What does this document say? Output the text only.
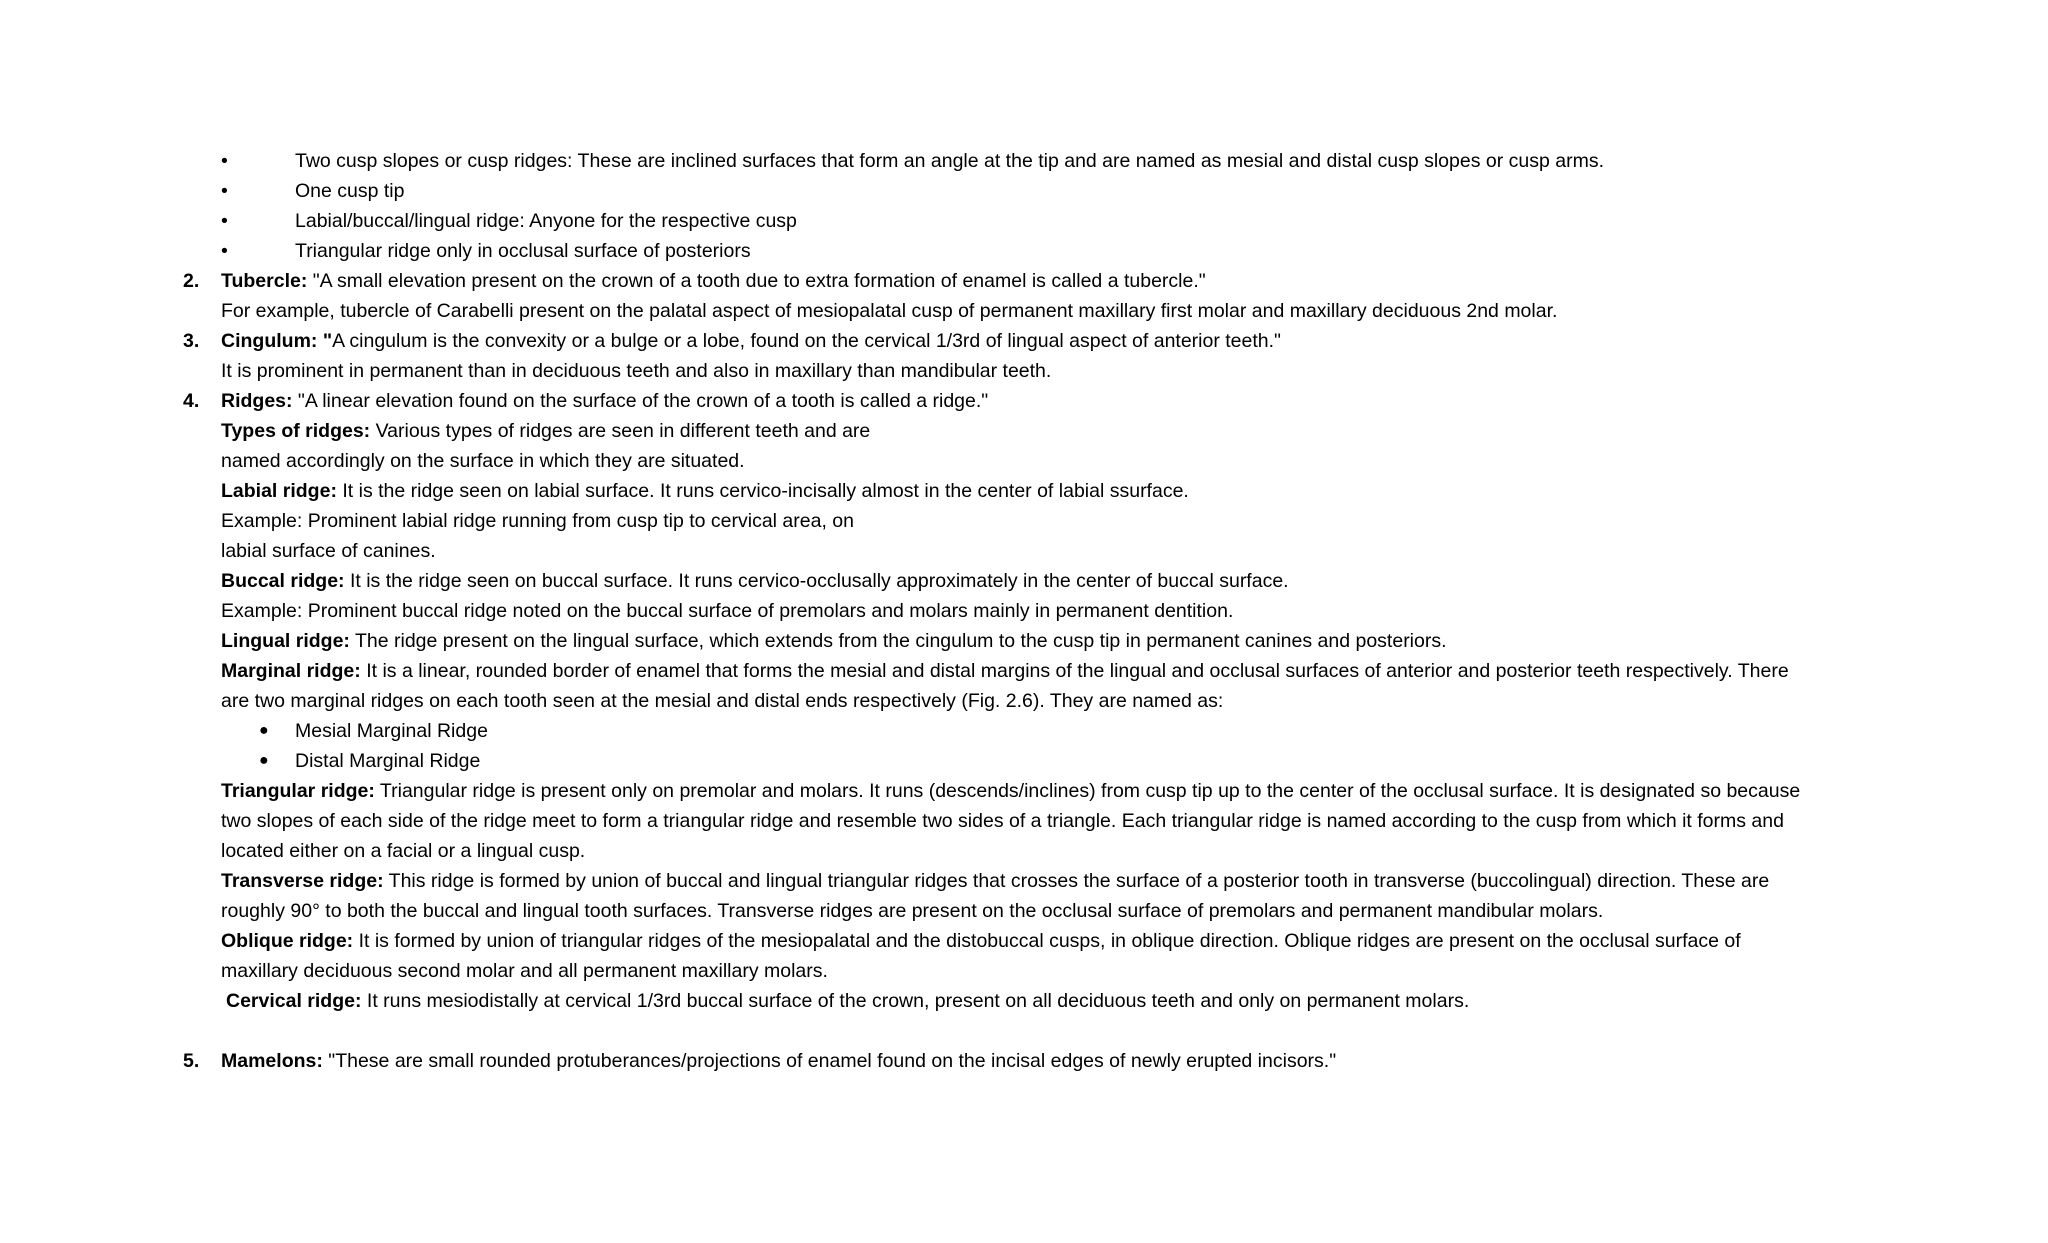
•	Two cusp slopes or cusp ridges: These are inclined surfaces that form an angle at the tip and are named as mesial and distal cusp slopes or cusp arms.
•	One cusp tip
•	Labial/buccal/lingual ridge: Anyone for the respective cusp
•	Triangular ridge only in occlusal surface of posteriors
2. Tubercle: "A small elevation present on the crown of a tooth due to extra formation of enamel is called a tubercle."
For example, tubercle of Carabelli present on the palatal aspect of mesiopalatal cusp of permanent maxillary first molar and maxillary deciduous 2nd molar.
3. Cingulum: "A cingulum is the convexity or a bulge or a lobe, found on the cervical 1/3rd of lingual aspect of anterior teeth."
It is prominent in permanent than in deciduous teeth and also in maxillary than mandibular teeth.
4. Ridges: "A linear elevation found on the surface of the crown of a tooth is called a ridge."
Types of ridges: Various types of ridges are seen in different teeth and are
named accordingly on the surface in which they are situated.
Labial ridge: It is the ridge seen on labial surface. It runs cervico-incisally almost in the center of labial ssurface.
Example: Prominent labial ridge running from cusp tip to cervical area, on
labial surface of canines.
Buccal ridge: It is the ridge seen on buccal surface. It runs cervico-occlusally approximately in the center of buccal surface.
Example: Prominent buccal ridge noted on the buccal surface of premolars and molars mainly in permanent dentition.
Lingual ridge: The ridge present on the lingual surface, which extends from the cingulum to the cusp tip in permanent canines and posteriors.
Marginal ridge: It is a linear, rounded border of enamel that forms the mesial and distal margins of the lingual and occlusal surfaces of anterior and posterior teeth respectively. There
are two marginal ridges on each tooth seen at the mesial and distal ends respectively (Fig. 2.6). They are named as:
● Mesial Marginal Ridge
● Distal Marginal Ridge
Triangular ridge: Triangular ridge is present only on premolar and molars. It runs (descends/inclines) from cusp tip up to the center of the occlusal surface. It is designated so because
two slopes of each side of the ridge meet to form a triangular ridge and resemble two sides of a triangle. Each triangular ridge is named according to the cusp from which it forms and
located either on a facial or a lingual cusp.
Transverse ridge: This ridge is formed by union of buccal and lingual triangular ridges that crosses the surface of a posterior tooth in transverse (buccolingual) direction. These are
roughly 90° to both the buccal and lingual tooth surfaces. Transverse ridges are present on the occlusal surface of premolars and permanent mandibular molars.
Oblique ridge: It is formed by union of triangular ridges of the mesiopalatal and the distobuccal cusps, in oblique direction. Oblique ridges are present on the occlusal surface of
maxillary deciduous second molar and all permanent maxillary molars.
Cervical ridge: It runs mesiodistally at cervical 1/3rd buccal surface of the crown, present on all deciduous teeth and only on permanent molars.
5. Mamelons: "These are small rounded protuberances/projections of enamel found on the incisal edges of newly erupted incisors."
